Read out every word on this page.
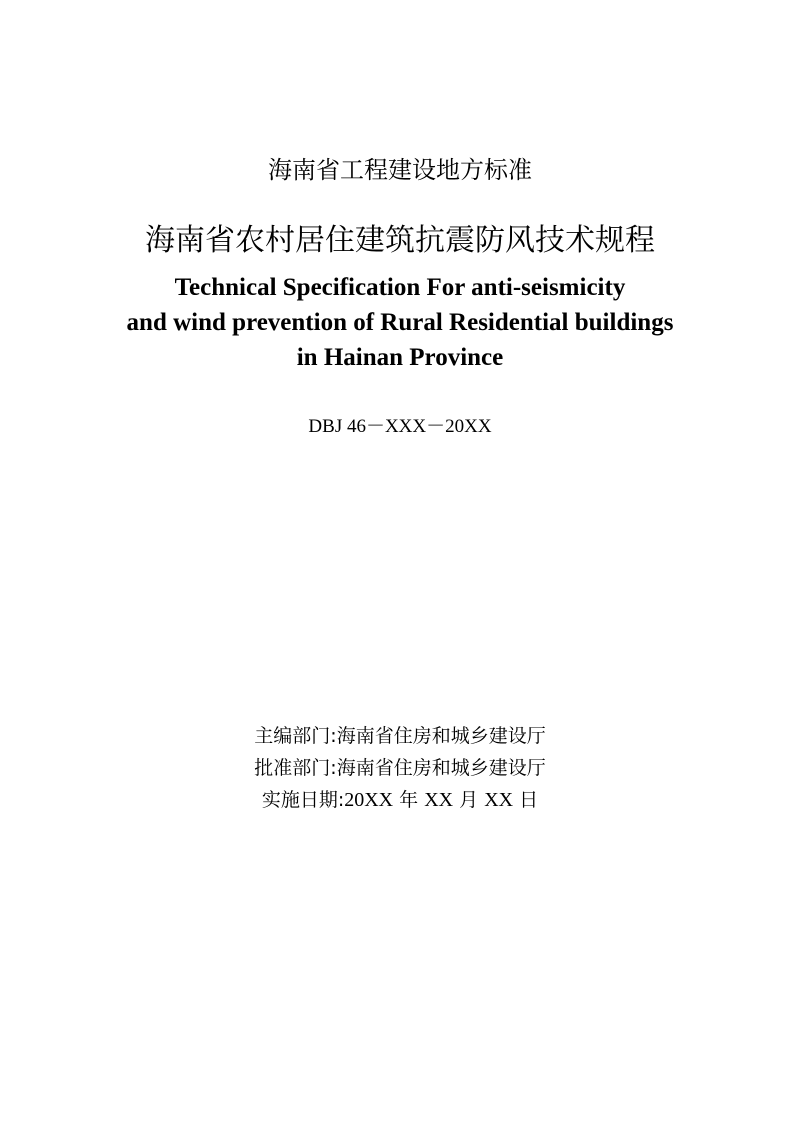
海南省工程建设地方标准
海南省农村居住建筑抗震防风技术规程
Technical Specification For anti-seismicity
and wind prevention of Rural Residential buildings
in Hainan Province
DBJ 46－XXX－20XX
主编部门:海南省住房和城乡建设厅
批准部门:海南省住房和城乡建设厅
实施日期:20XX 年 XX 月 XX 日
